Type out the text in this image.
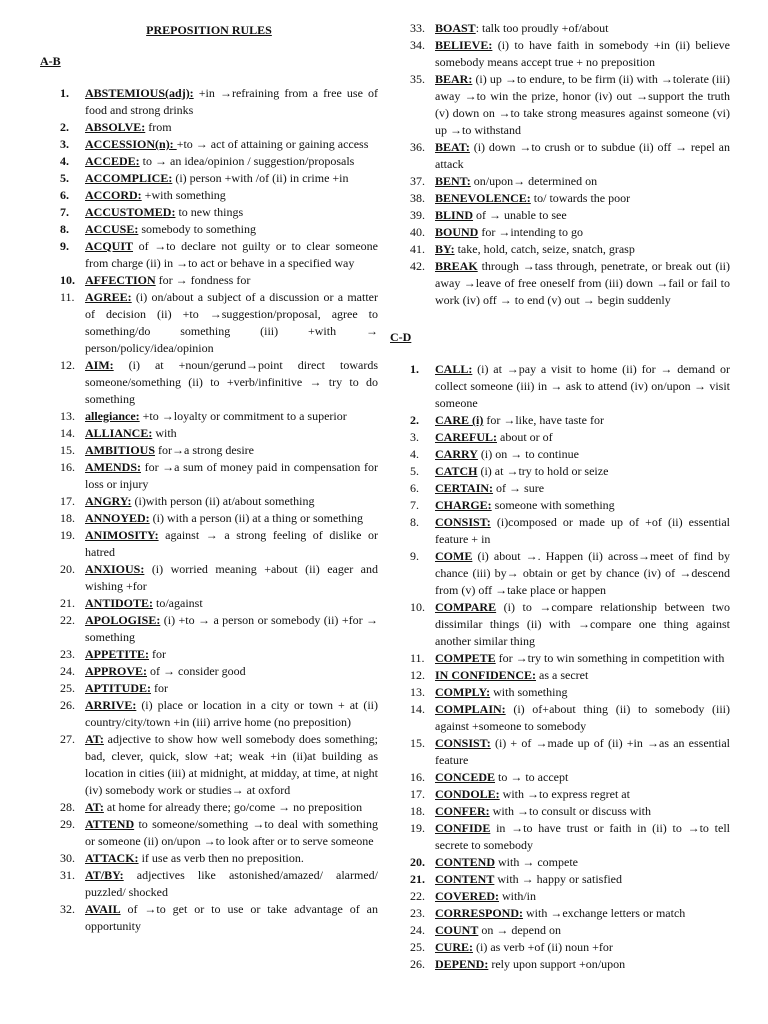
PREPOSITION RULES
A-B
1.	ABSTEMIOUS(adj): +in →refraining from a free use of food and strong drinks
2.	ABSOLVE: from
3.	ACCESSION(n): +to → act of attaining or gaining access
4.	ACCEDE: to → an idea/opinion / suggestion/proposals
5.	ACCOMPLICE: (i) person +with /of (ii) in crime +in
6.	ACCORD: +with something
7.	ACCUSTOMED: to new things
8.	ACCUSE: somebody to something
9.	ACQUIT of →to declare not guilty or to clear someone from charge (ii) in →to act or behave in a specified way
10. AFFECTION for → fondness for
11. AGREE: (i) on/about a subject of a discussion or a matter of decision (ii) +to →suggestion/proposal, agree to something/do something (iii) +with → person/policy/idea/opinion
12. AIM: (i) at +noun/gerund→point direct towards someone/something (ii) to +verb/infinitive → try to do something
13. allegiance: +to →loyalty or commitment to a superior
14. ALLIANCE: with
15. AMBITIOUS for→a strong desire
16. AMENDS: for →a sum of money paid in compensation for loss or injury
17. ANGRY: (i)with person (ii) at/about something
18. ANNOYED: (i) with a person (ii) at a thing or something
19. ANIMOSITY: against → a strong feeling of dislike or hatred
20. ANXIOUS: (i) worried meaning +about (ii) eager and wishing +for
21. ANTIDOTE: to/against
22. APOLOGISE: (i) +to → a person or somebody (ii) +for → something
23. APPETITE: for
24. APPROVE: of → consider good
25. APTITUDE: for
26. ARRIVE: (i) place or location in a city or town + at (ii) country/city/town +in (iii) arrive home (no preposition)
27. AT: adjective to show how well somebody does something; bad, clever, quick, slow +at; weak +in (ii)at building as location in cities (iii) at midnight, at midday, at time, at night (iv) somebody work or studies→ at oxford
28. AT: at home for already there; go/come → no preposition
29. ATTEND to someone/something →to deal with something or someone (ii) on/upon →to look after or to serve someone
30. ATTACK: if use as verb then no preposition.
31. AT/BY: adjectives like astonished/amazed/ alarmed/ puzzled/ shocked
32. AVAIL of →to get or to use or take advantage of an opportunity
33. BOAST: talk too proudly +of/about
34. BELIEVE: (i) to have faith in somebody +in (ii) believe somebody means accept true + no preposition
35. BEAR: (i) up →to endure, to be firm (ii) with →tolerate (iii) away →to win the prize, honor (iv) out →support the truth (v) down on →to take strong measures against someone (vi) up →to withstand
36. BEAT: (i) down →to crush or to subdue (ii) off → repel an attack
37. BENT: on/upon→ determined on
38. BENEVOLENCE: to/ towards the poor
39. BLIND of → unable to see
40. BOUND for →intending to go
41. BY: take, hold, catch, seize, snatch, grasp
42. BREAK through →tass through, penetrate, or break out (ii) away →leave of free oneself from (iii) down →fail or fail to work (iv) off → to end (v) out → begin suddenly
C-D
1.	CALL: (i) at →pay a visit to home (ii) for → demand or collect someone (iii) in → ask to attend (iv) on/upon → visit someone
2.	CARE (i) for →like, have taste for
3.	CAREFUL: about or of
4.	CARRY (i) on → to continue
5.	CATCH (i) at →try to hold or seize
6.	CERTAIN: of → sure
7.	CHARGE: someone with something
8.	CONSIST: (i)composed or made up of +of (ii) essential feature + in
9.	COME (i) about →. Happen (ii) across→meet of find by chance (iii) by→ obtain or get by chance (iv) of →descend from (v) off →take place or happen
10. COMPARE (i) to →compare relationship between two dissimilar things (ii) with →compare one thing against another similar thing
11. COMPETE for →try to win something in competition with
12. IN CONFIDENCE: as a secret
13. COMPLY: with something
14. COMPLAIN: (i) of+about thing (ii) to somebody (iii) against +someone to somebody
15. CONSIST: (i) + of →made up of (ii) +in →as an essential feature
16. CONCEDE to → to accept
17. CONDOLE: with →to express regret at
18. CONFER: with →to consult or discuss with
19. CONFIDE in →to have trust or faith in (ii) to →to tell secrete to somebody
20. CONTEND with → compete
21. CONTENT with → happy or satisfied
22. COVERED: with/in
23. CORRESPOND: with →exchange letters or match
24. COUNT on → depend on
25. CURE: (i) as verb +of (ii) noun +for
26. DEPEND: rely upon support +on/upon
